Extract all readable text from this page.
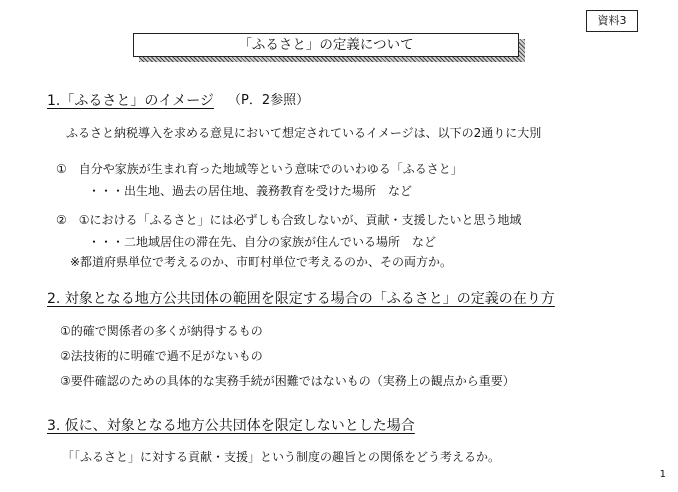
資料3
「ふるさと」の定義について
1.「ふるさと」のイメージ （P．2参照）
ふるさと納税導入を求める意見において想定されているイメージは、以下の2通りに大別
①　自分や家族が生まれ育った地域等という意味でのいわゆる「ふるさと」
・・・出生地、過去の居住地、義務教育を受けた場所　など
②　①における「ふるさと」には必ずしも合致しないが、貢献・支援したいと思う地域
・・・二地域居住の滞在先、自分の家族が住んでいる場所　など
※都道府県単位で考えるのか、市町村単位で考えるのか、その両方か。
2. 対象となる地方公共団体の範囲を限定する場合の「ふるさと」の定義の在り方
①的確で関係者の多くが納得するもの
②法技術的に明確で過不足がないもの
③要件確認のための具体的な実務手続が困難ではないもの（実務上の観点から重要）
3. 仮に、対象となる地方公共団体を限定しないとした場合
「「ふるさと」に対する貢献・支援」という制度の趣旨との関係をどう考えるか。
1
